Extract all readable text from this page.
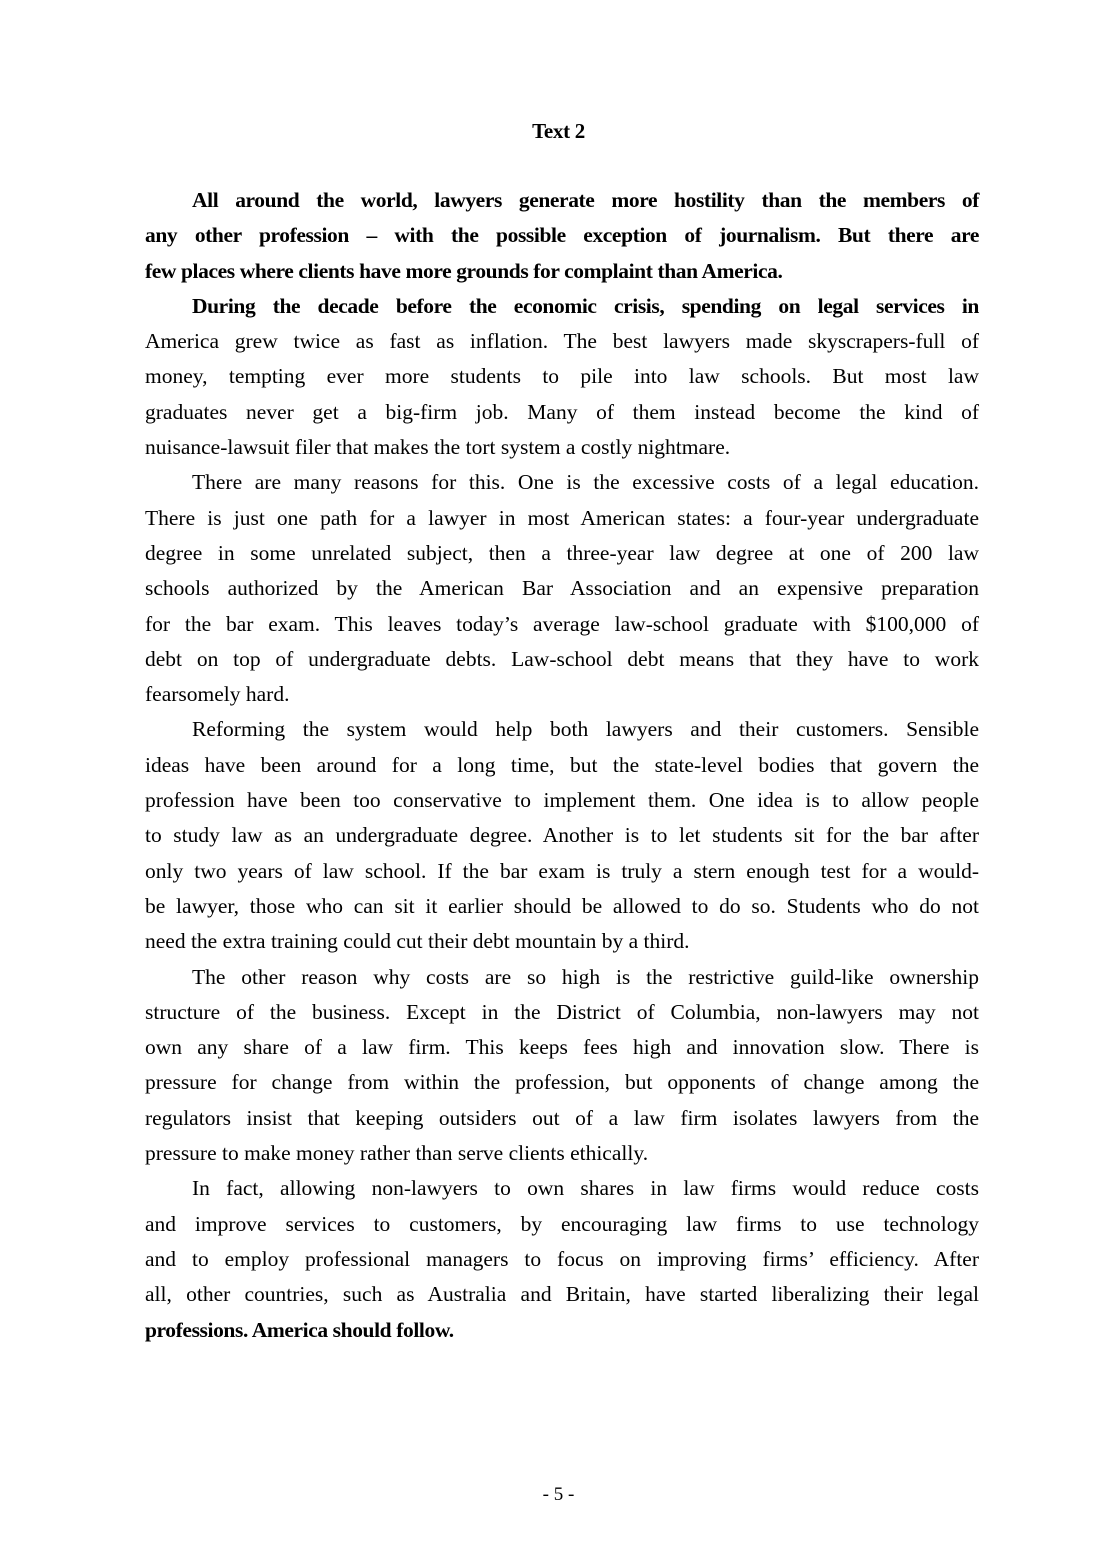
Text 2

All around the world, lawyers generate more hostility than the members of
any other profession – with the possible exception of journalism. But there are
few places where clients have more grounds for complaint than America.

During the decade before the economic crisis, spending on legal services in
America grew twice as fast as inflation. The best lawyers made skyscrapers-full of
money, tempting ever more students to pile into law schools. But most law
graduates never get a big-firm job. Many of them instead become the kind of
nuisance-lawsuit filer that makes the tort system a costly nightmare.

There are many reasons for this. One is the excessive costs of a legal education.
There is just one path for a lawyer in most American states: a four-year undergraduate
degree in some unrelated subject, then a three-year law degree at one of 200 law
schools authorized by the American Bar Association and an expensive preparation
for the bar exam. This leaves today’s average law-school graduate with $100,000 of
debt on top of undergraduate debts. Law-school debt means that they have to work
fearsomely hard.

Reforming the system would help both lawyers and their customers. Sensible
ideas have been around for a long time, but the state-level bodies that govern the
profession have been too conservative to implement them. One idea is to allow people
to study law as an undergraduate degree. Another is to let students sit for the bar after
only two years of law school. If the bar exam is truly a stern enough test for a would-
be lawyer, those who can sit it earlier should be allowed to do so. Students who do not
need the extra training could cut their debt mountain by a third.

The other reason why costs are so high is the restrictive guild-like ownership
structure of the business. Except in the District of Columbia, non-lawyers may not
own any share of a law firm. This keeps fees high and innovation slow. There is
pressure for change from within the profession, but opponents of change among the
regulators insist that keeping outsiders out of a law firm isolates lawyers from the
pressure to make money rather than serve clients ethically.

In fact, allowing non-lawyers to own shares in law firms would reduce costs
and improve services to customers, by encouraging law firms to use technology
and to employ professional managers to focus on improving firms’ efficiency. After
all, other countries, such as Australia and Britain, have started liberalizing their legal
professions. America should follow.

- 5 -
